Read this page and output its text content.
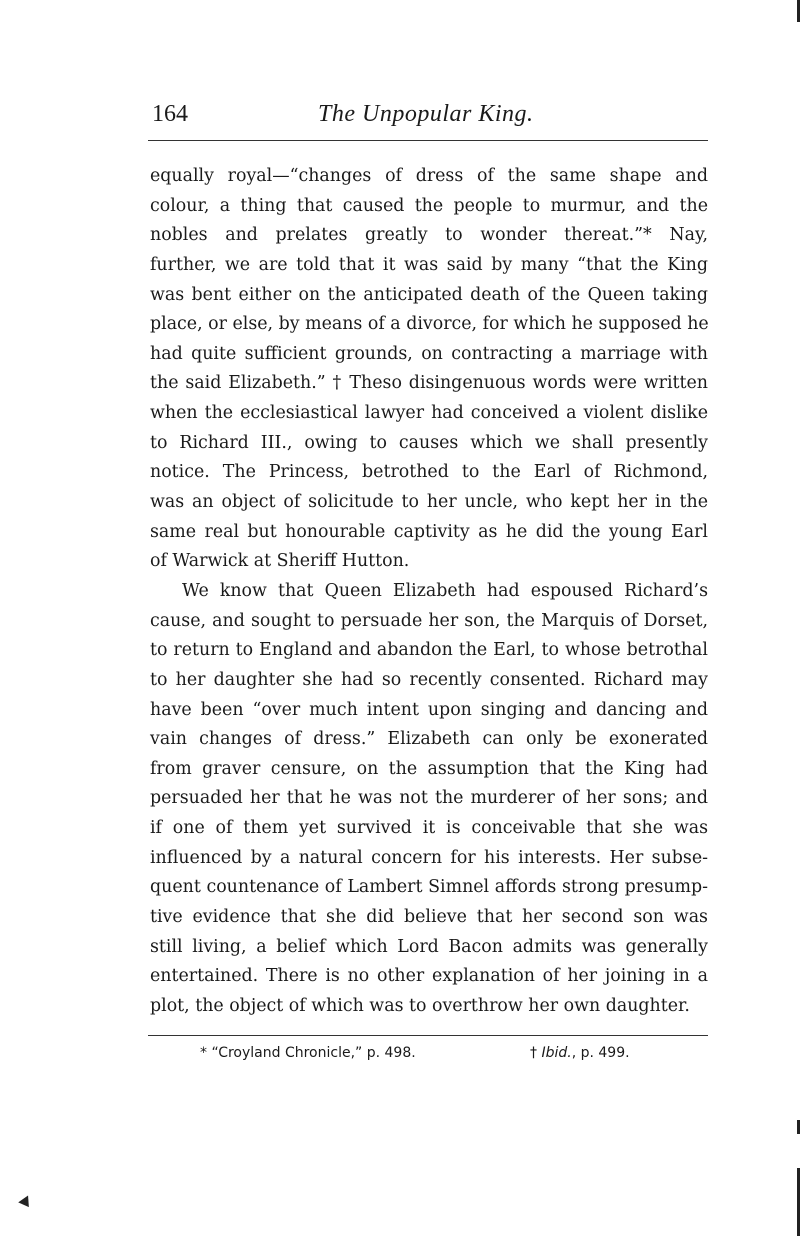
164	The Unpopular King.
equally royal—“changes of dress of the same shape and
colour, a thing that caused the people to murmur, and the
nobles and prelates greatly to wonder thereat.”* Nay,
further, we are told that it was said by many “that the King
was bent either on the anticipated death of the Queen taking
place, or else, by means of a divorce, for which he supposed he
had quite sufficient grounds, on contracting a marriage with
the said Elizabeth.” † Theso disingenuous words were written
when the ecclesiastical lawyer had conceived a violent dislike
to Richard III., owing to causes which we shall presently
notice. The Princess, betrothed to the Earl of Richmond,
was an object of solicitude to her uncle, who kept her in the
same real but honourable captivity as he did the young Earl
of Warwick at Sheriff Hutton.
We know that Queen Elizabeth had espoused Richard’s
cause, and sought to persuade her son, the Marquis of Dorset,
to return to England and abandon the Earl, to whose betrothal
to her daughter she had so recently consented. Richard may
have been “over much intent upon singing and dancing and
vain changes of dress.” Elizabeth can only be exonerated
from graver censure, on the assumption that the King had
persuaded her that he was not the murderer of her sons; and
if one of them yet survived it is conceivable that she was
influenced by a natural concern for his interests. Her subse-
quent countenance of Lambert Simnel affords strong presump-
tive evidence that she did believe that her second son was
still living, a belief which Lord Bacon admits was generally
entertained. There is no other explanation of her joining in a
plot, the object of which was to overthrow her own daughter.
* “Croyland Chronicle,” p. 498.	† Ibid., p. 499.
